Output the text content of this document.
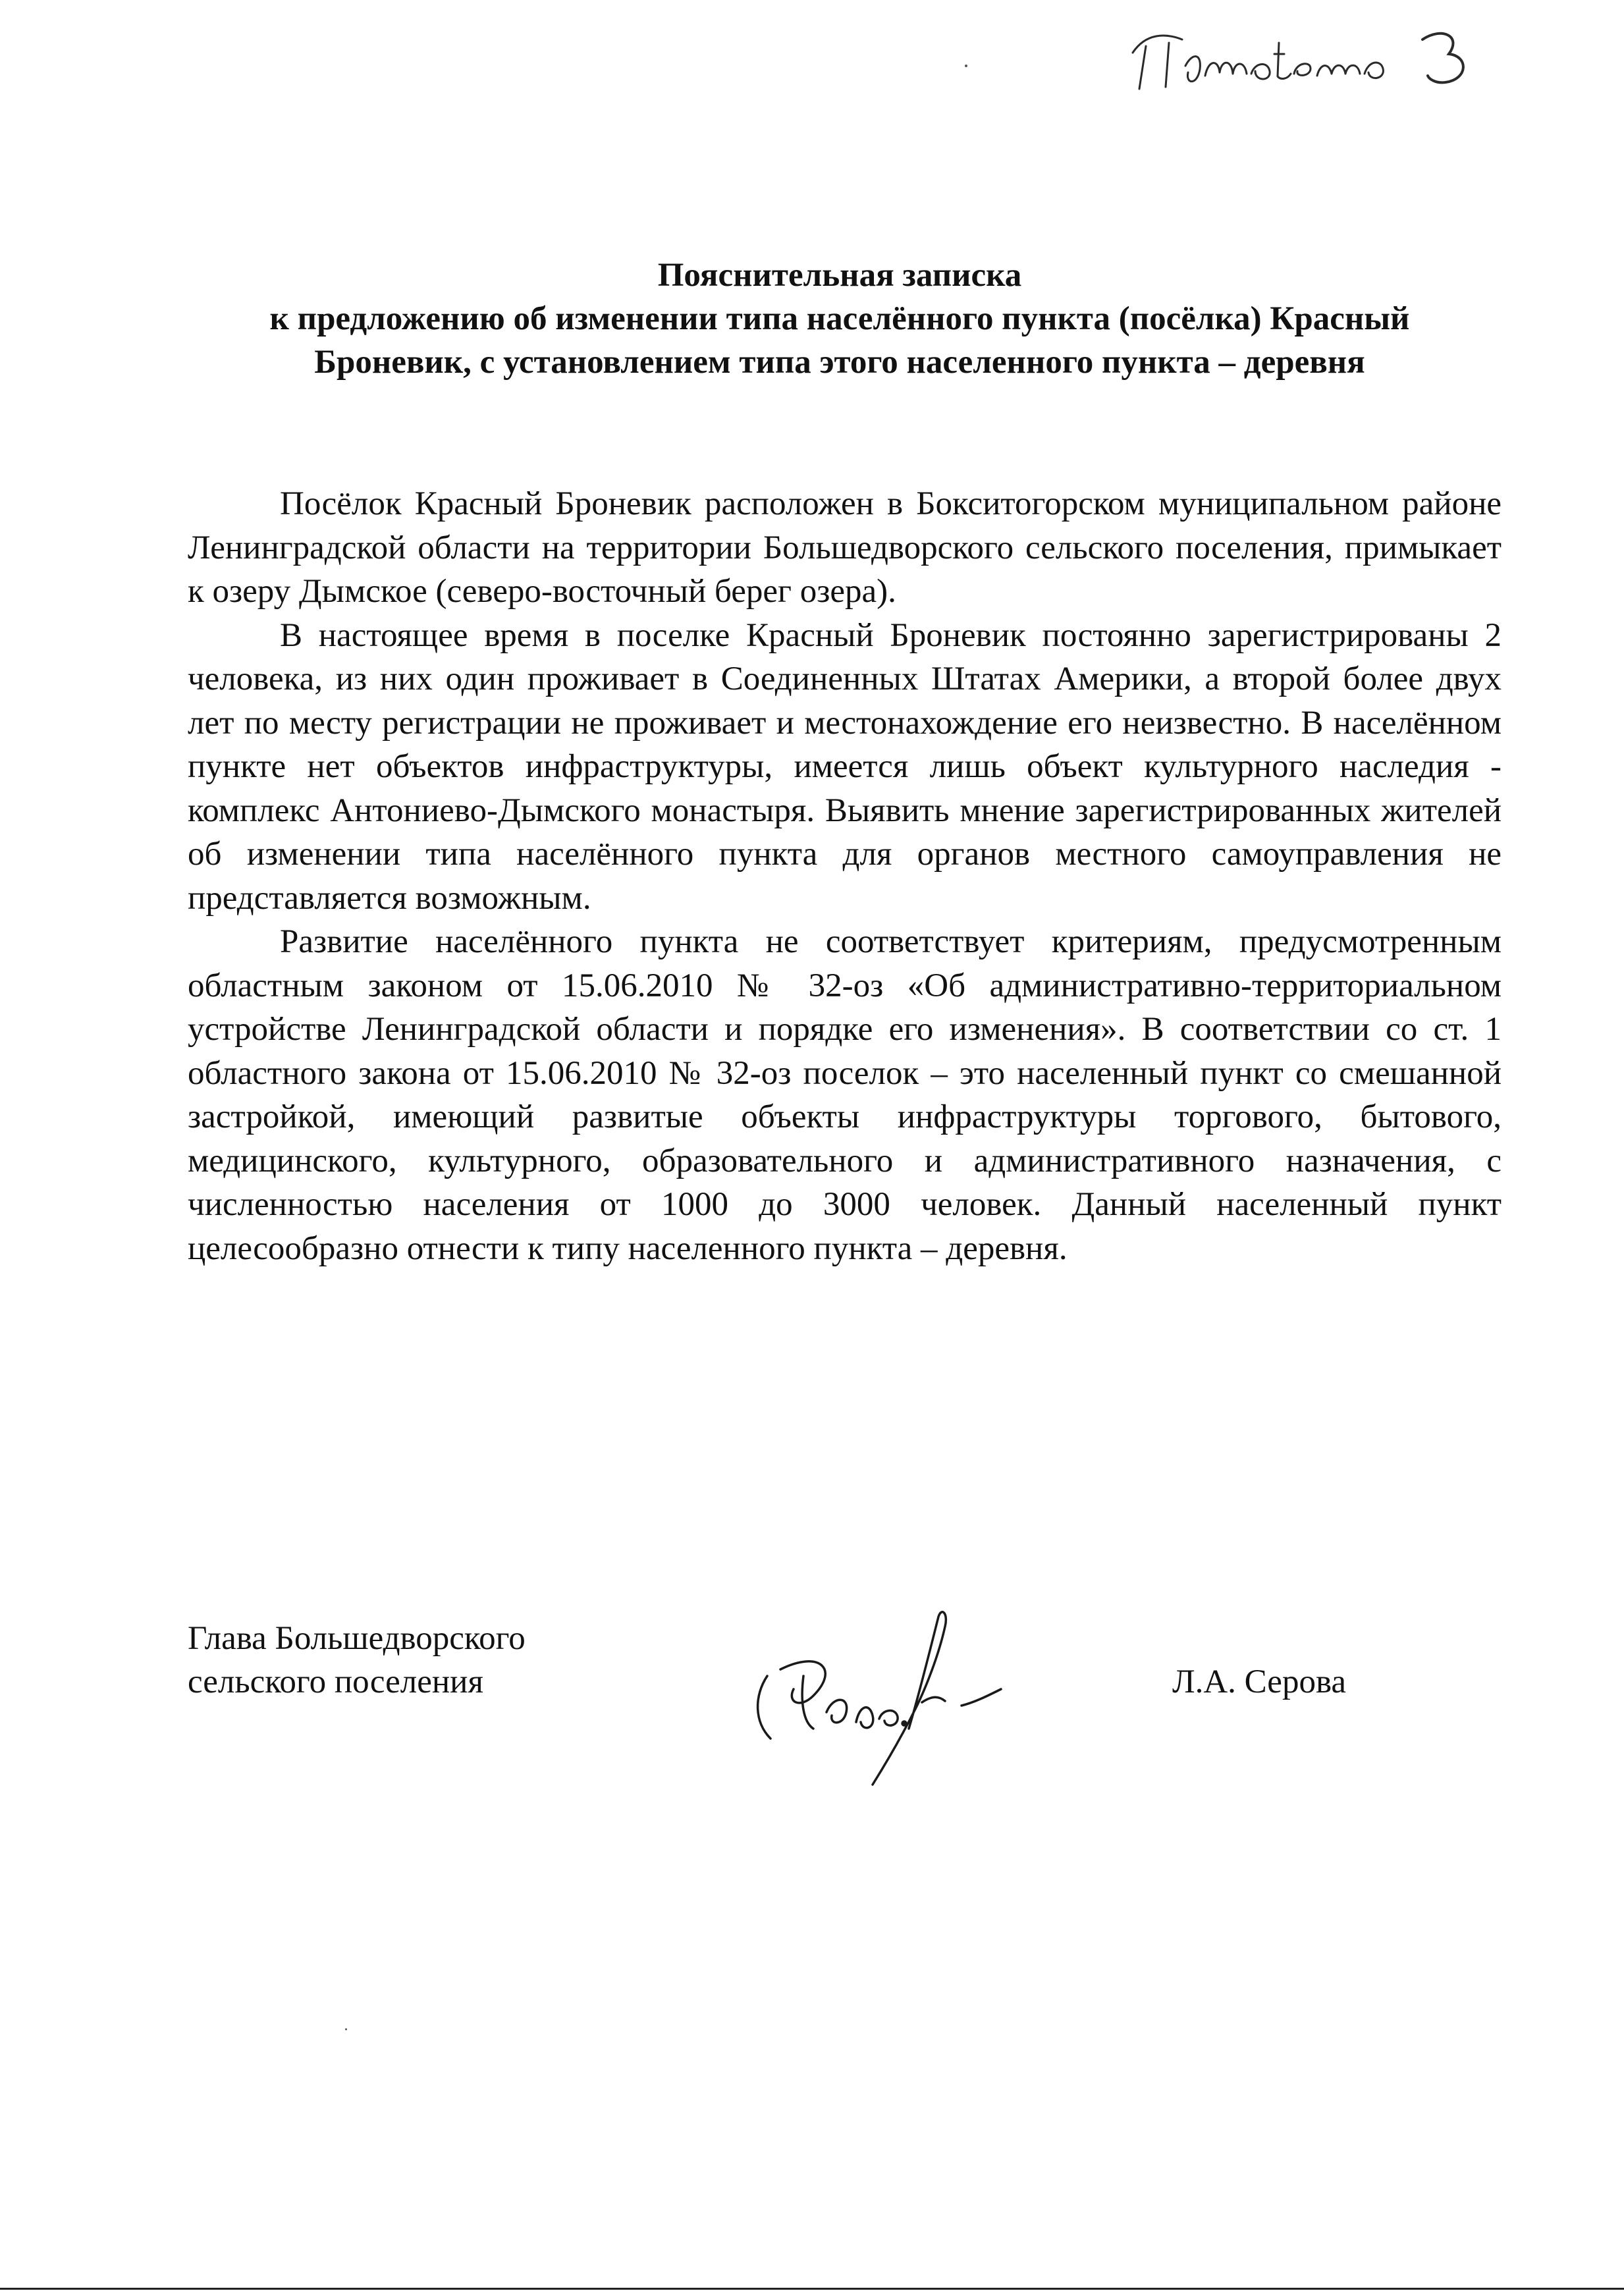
Пояснительная записка
к предложению об изменении типа населённого пункта (посёлка) Красный
Броневик, с установлением типа этого населенного пункта – деревня

Посёлок Красный Броневик расположен в Бокситогорском муниципальном районе Ленинградской области на территории Большедворского сельского поселения, примыкает к озеру Дымское (северо-восточный берег озера).

В настоящее время в поселке Красный Броневик постоянно зарегистрированы 2 человека, из них один проживает в Соединенных Штатах Америки, а второй более двух лет по месту регистрации не проживает и местонахождение его неизвестно. В населённом пункте нет объектов инфраструктуры, имеется лишь объект культурного наследия - комплекс Антониево-Дымского монастыря. Выявить мнение зарегистрированных жителей об изменении типа населённого пункта для органов местного самоуправления не представляется возможным.

Развитие населённого пункта не соответствует критериям, предусмотренным областным законом от 15.06.2010 № 32-оз «Об административно-территориальном устройстве Ленинградской области и порядке его изменения». В соответствии со ст. 1 областного закона от 15.06.2010 № 32-оз поселок – это населенный пункт со смешанной застройкой, имеющий развитые объекты инфраструктуры торгового, бытового, медицинского, культурного, образовательного и административного назначения, с численностью населения от 1000 до 3000 человек. Данный населенный пункт целесообразно отнести к типу населенного пункта – деревня.

Глава Большедворского
сельского поселения	Л.А. Серова
